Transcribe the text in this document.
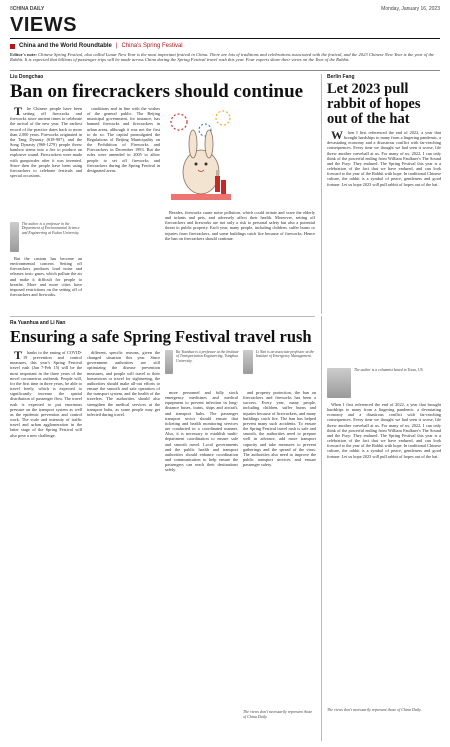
8 CHINA DAILY	Monday, January 16, 2023
VIEWS
China and the World Roundtable | China's Spring Festival
Editor's note: Chinese Spring Festival, also called Lunar New Year is the most important festival in China. There are lots of traditions and celebrations associated with the festival, and the 2023 Chinese New Year is the year of the Rabbit. It is expected that billions of passenger trips will be made across China during the Spring Festival travel rush this year. Four experts share their views on the Year of the Rabbit.
Liu Dongchao
Ban on firecrackers should continue

The Chinese people have been setting off firecracks and fireworks since ancient times to celebrate the arrival of the new year. The earliest record of the practice dates back to more than 2,000 years. Fireworks originated in the Tang Dynasty (618-907), and the Song Dynasty (960-1279) people threw bamboo stems into a fire to produce an explosive sound. Firecrackers were made with gunpowder after it was invented. Since then the people have been using firecrackers to celebrate festivals and special occasions.

The author is a professor in the Department of Environmental Science and Engineering at Fudan University.

But the custom has become an environmental concern. Setting off firecrackers produces loud noise and releases toxic gases, which pollute the air and make it difficult for people to breathe. More and more cities have imposed restrictions on the setting off of firecrackers and fireworks.

conditions and in line with the wishes of the general public. The Beijing municipal government, for instance, has banned fireworks and firecrackers in urban areas, although it was not the first to do so. The capital promulgated the Regulations of Beijing Municipality on the Prohibition of Fireworks and Firecrackers in December 1993. But the rules were amended in 2005 to allow people to set off fireworks and firecrackers during the Spring Festival in designated areas.

Besides, fireworks cause noise pollution, which could irritate and scare the elderly and infants and pets, and adversely affect their health. Moreover, setting off firecrackers and fireworks are not only a risk to personal safety but also a potential threat to public property. Each year, many people, including children, suffer burns or injuries from firecrackers, and some buildings catch fire because of fireworks. Hence the ban on firecrackers should continue.

Berlin Fang
Let 2023 pull rabbit of hopes out of the hat

When I first referenced the end of 2022, a year that brought hardships to many from a lingering pandemic, a devastating economy and a disastrous conflict with far-reaching consequences. Every time we thought we had seen it worse, life threw another curveball at us. For many of us, 2022, I can only think of the powerful ending from William Faulkner's The Sound and the Fury: They endured. The Spring Festival this year is a celebration of the fact that we have endured, and can look forward to the year of the Rabbit with hope. In traditional Chinese culture, the rabbit is a symbol of peace, gentleness and good fortune. Let us hope 2023 will pull rabbit of hopes out of the hat.

The author is a columnist based in Texas, US.

When I first referenced the end of 2022, a year that brought hardships to many from a lingering pandemic, a devastating economy and a disastrous conflict with far-reaching consequences. Every time we thought we had seen it worse, life threw another curveball at us. For many of us, 2022, I can only think of the powerful ending from William Faulkner's The Sound and the Fury: They endured. The Spring Festival this year is a celebration of the fact that we have endured, and can look forward to the year of the Rabbit with hope. In traditional Chinese culture, the rabbit is a symbol of peace, gentleness and good fortune. Let us hope 2023 will pull rabbit of hopes out of the hat.

The views don't necessarily represent those of China Daily.
Ra Yuanhua and Li Nan
Ensuring a safe Spring Festival travel rush

Thanks to the easing of COVID-19 prevention and control measures, this year's Spring Festival travel rush (Jan 7-Feb 15) will be the most important in the three years of the novel coronavirus outbreak. People will, for the first time in three years, be able to travel freely, which is expected to significantly increase the spatial distribution of passenger flow. The travel rush is expected to put enormous pressure on the transport system as well as the epidemic prevention and control work. The scale and intensity of traffic travel and urban agglomeration in the latter stage of the Spring Festival will also pose a new challenge.

different, specific reasons, given the changed situation this year. Since government authorities are still optimizing the disease prevention measures, and people will travel to their hometowns or travel for sightseeing, the authorities should make all-out efforts to ensure the smooth and safe operation of the transport system, and the health of the travelers. The authorities should also strengthen the medical services at the transport hubs, as some people may get infected during travel.

Ra Yuanhua is a professor at the Institute of Transportation Engineering, Tsinghua University.
Li Nan is an associate professor at the Institute of Emergency Management.

more personnel and fully stock emergency medicines and medical equipment to prevent infection in long-distance buses, trains, ships and aircraft, and transport hubs. The passenger transport sector should ensure that ticketing and health monitoring services are conducted in a coordinated manner. Also, it is necessary to establish multi-department coordination to ensure safe and smooth travel. Local governments and the public health and transport authorities should enhance coordination and communication to help ensure the passengers can reach their destinations safely.

and property protection, the ban on firecrackers and fireworks has been a success. Every year, many people, including children, suffer burns and injuries because of firecrackers, and many buildings catch fire. The ban has helped prevent many such accidents. To ensure the Spring Festival travel rush is safe and smooth, the authorities need to prepare well in advance, add more transport capacity and take measures to prevent gatherings and the spread of the virus. The authorities also need to improve the public transport services and ensure passenger safety.

The views don't necessarily represent those of China Daily.
